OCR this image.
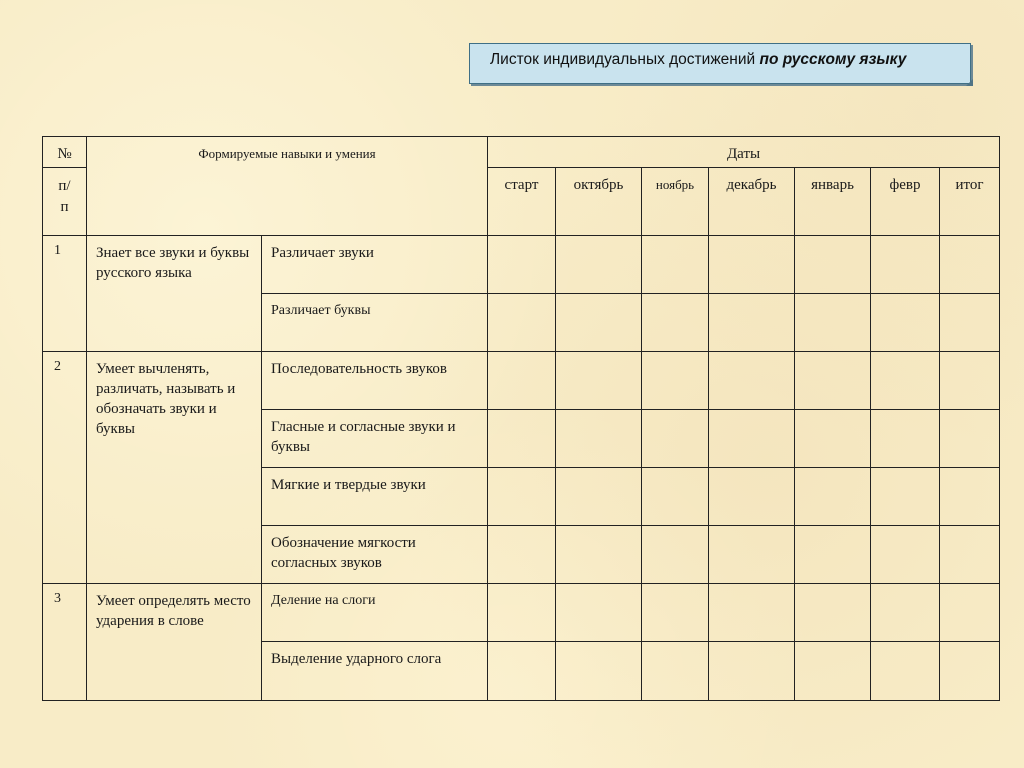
Листок индивидуальных достижений по русскому языку
№	Формируемые навыки и умения		Даты						
п/
п			старт	октябрь	ноябрь	декабрь	январь	февр	итог
1	Знает все звуки и буквы русского языка	Различает звуки							
		Различает буквы							
2	Умеет вычленять, различать, называть и обозначать звуки и буквы	Последовательность звуков							
		Гласные и согласные звуки и буквы							
		Мягкие и твердые звуки							
		Обозначение мягкости согласных звуков							
3	Умеет определять место ударения в слове	Деление на слоги							
		Выделение ударного слога							
